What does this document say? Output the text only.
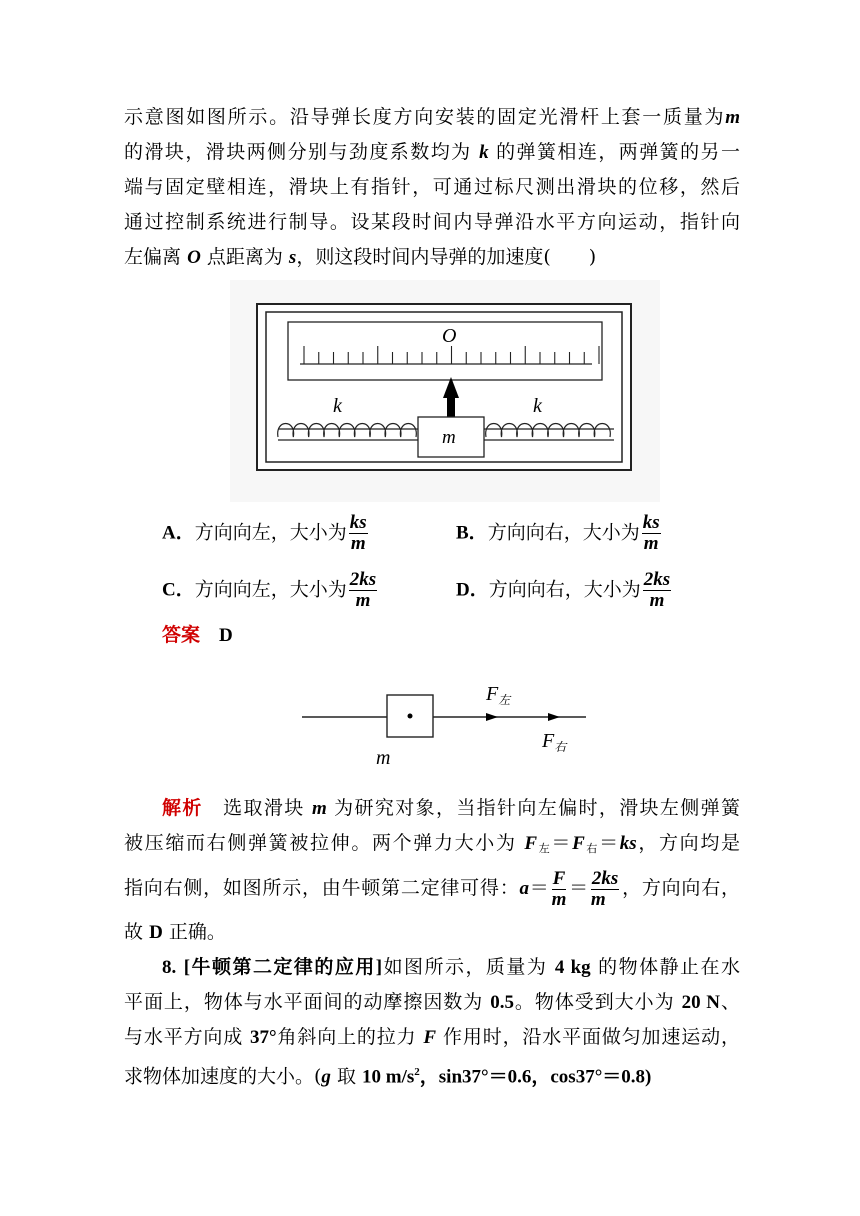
示意图如图所示。沿导弹长度方向安装的固定光滑杆上套一质量为m
的滑块，滑块两侧分别与劲度系数均为 k 的弹簧相连，两弹簧的另一
端与固定壁相连，滑块上有指针，可通过标尺测出滑块的位移，然后
通过控制系统进行制导。设某段时间内导弹沿水平方向运动，指针向
左偏离 O 点距离为 s，则这段时间内导弹的加速度(　　)
O
k	k
m
A．方向向左，大小为 $\frac{ks}{m}$	B．方向向右，大小为 $\frac{ks}{m}$
C．方向向左，大小为 $\frac{2ks}{m}$	D．方向向右，大小为 $\frac{2ks}{m}$
答案　 D
m
$F_左$
$F_右$
解析　 选取滑块 m 为研究对象，当指针向左偏时，滑块左侧弹簧
被压缩而右侧弹簧被拉伸。两个弹力大小为 $F_左=F_右=ks$，方向均是
指向右侧，如图所示，由牛顿第二定律可得：$a= \frac{F}{m} = \frac{2ks}{m}$ ，方向向右，
故 D 正确。
8. [牛顿第二定律的应用]如图所示，质量为 4 kg 的物体静止在水
平面上，物体与水平面间的动摩擦因数为 0.5。物体受到大小为 20 N、
与水平方向成 37°角斜向上的拉力 F 作用时，沿水平面做匀加速运动，
求物体加速度的大小。(g 取 10 $m/s^2$，sin37°＝0.6，cos37°＝0.8)
